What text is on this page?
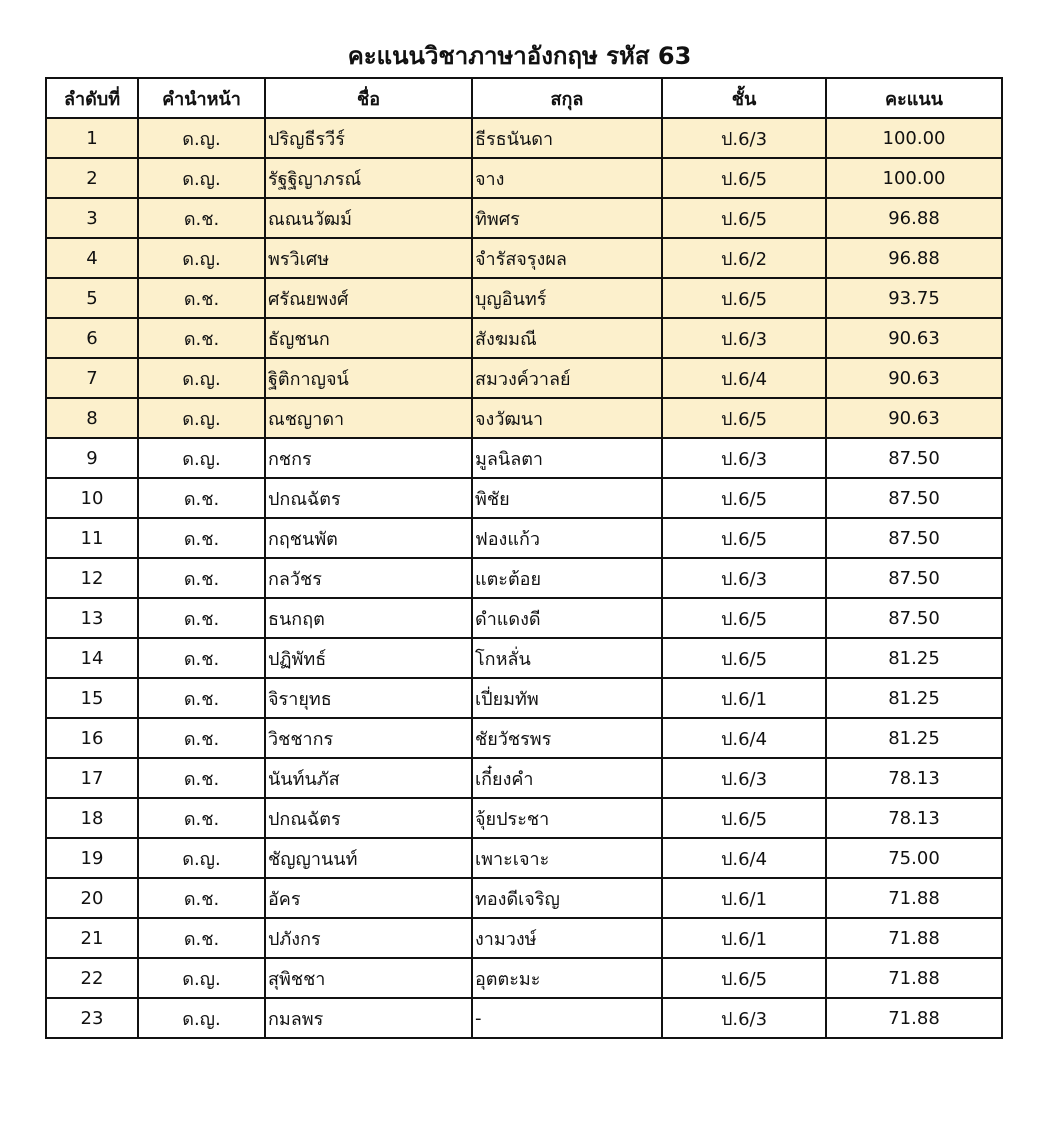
คะแนนวิชาภาษาอังกฤษ รหัส 63
ลำดับที่	คำนำหน้า	ชื่อ	สกุล	ชั้น	คะแนน
1	ด.ญ.	ปริญธีรวีร์	ธีรธนันดา	ป.6/3	100.00
2	ด.ญ.	รัฐฐิญาภรณ์	จาง	ป.6/5	100.00
3	ด.ช.	ณณนวัฒม์	ทิพศร	ป.6/5	96.88
4	ด.ญ.	พรวิเศษ	จำรัสจรุงผล	ป.6/2	96.88
5	ด.ช.	ศรัณยพงศ์	บุญอินทร์	ป.6/5	93.75
6	ด.ช.	ธัญชนก	สังฆมณี	ป.6/3	90.63
7	ด.ญ.	ฐิติกาญจน์	สมวงค์วาลย์	ป.6/4	90.63
8	ด.ญ.	ณชญาดา	จงวัฒนา	ป.6/5	90.63
9	ด.ญ.	กชกร	มูลนิลตา	ป.6/3	87.50
10	ด.ช.	ปกณฉัตร	พิชัย	ป.6/5	87.50
11	ด.ช.	กฤชนพัต	ฟองแก้ว	ป.6/5	87.50
12	ด.ช.	กลวัชร	แตะต้อย	ป.6/3	87.50
13	ด.ช.	ธนกฤต	ดำแดงดี	ป.6/5	87.50
14	ด.ช.	ปฏิพัทธ์	โกหลั่น	ป.6/5	81.25
15	ด.ช.	จิรายุทธ	เปี่ยมทัพ	ป.6/1	81.25
16	ด.ช.	วิชชากร	ชัยวัชรพร	ป.6/4	81.25
17	ด.ช.	นันท์นภัส	เกี๋ยงคำ	ป.6/3	78.13
18	ด.ช.	ปกณฉัตร	จุ้ยประชา	ป.6/5	78.13
19	ด.ญ.	ชัญญานนท์	เพาะเจาะ	ป.6/4	75.00
20	ด.ช.	อัคร	ทองดีเจริญ	ป.6/1	71.88
21	ด.ช.	ปภังกร	งามวงษ์	ป.6/1	71.88
22	ด.ญ.	สุพิชชา	อุตตะมะ	ป.6/5	71.88
23	ด.ญ.	กมลพร	-	ป.6/3	71.88
